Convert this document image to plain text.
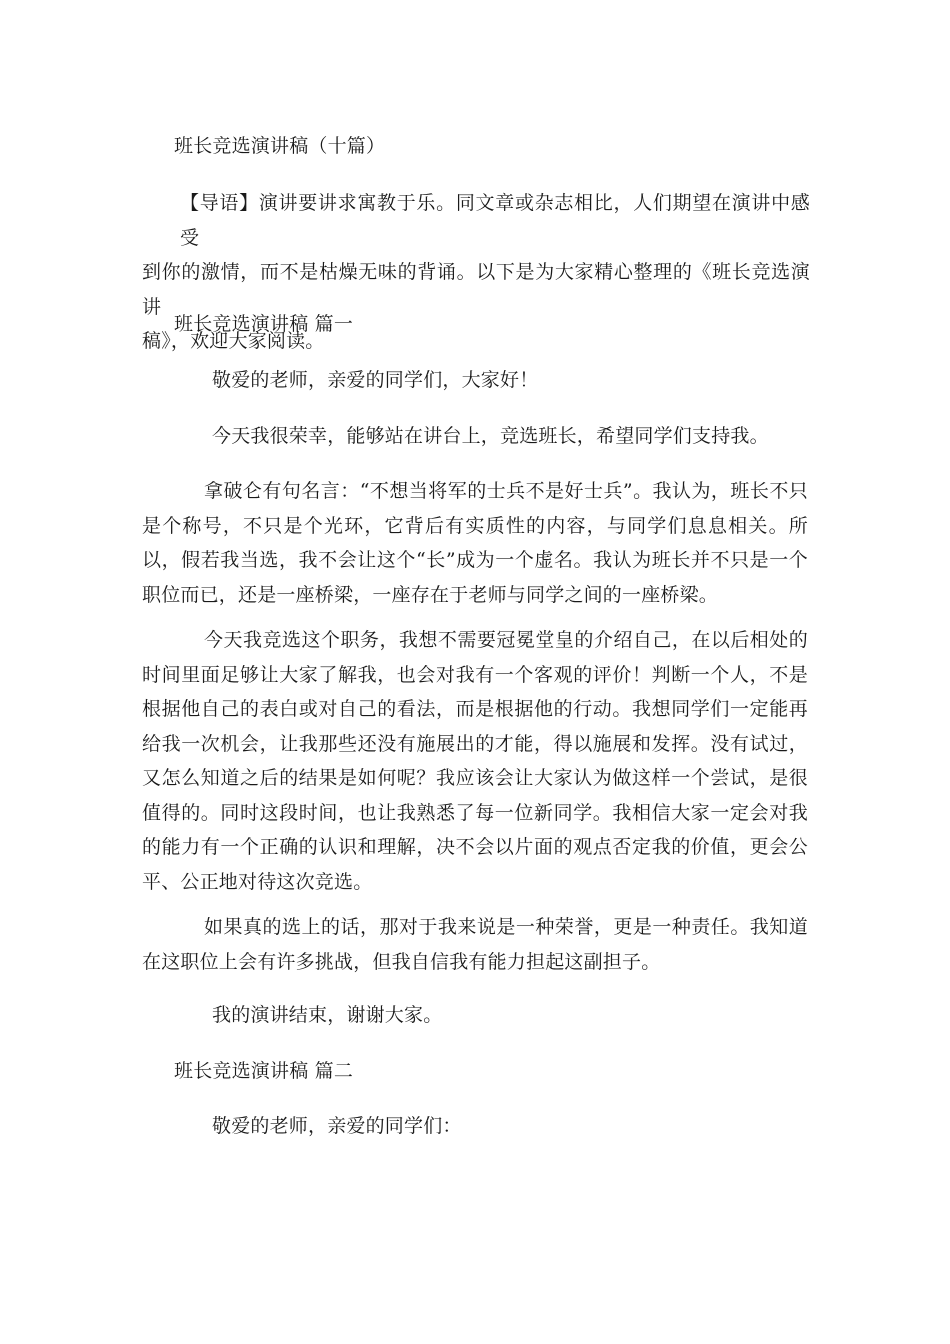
班长竞选演讲稿（十篇）
【导语】演讲要讲求寓教于乐。同文章或杂志相比，人们期望在演讲中感受
到你的激情，而不是枯燥无味的背诵。以下是为大家精心整理的《班长竞选演讲
稿》，欢迎大家阅读。
班长竞选演讲稿 篇一
敬爱的老师，亲爱的同学们，大家好！
今天我很荣幸，能够站在讲台上，竞选班长，希望同学们支持我。
拿破仑有句名言：“不想当将军的士兵不是好士兵”。我认为，班长不只是个称号，不只是个光环，它背后有实质性的内容，与同学们息息相关。所以，假若我当选，我不会让这个“长”成为一个虚名。我认为班长并不只是一个职位而已，还是一座桥梁，一座存在于老师与同学之间的一座桥梁。
今天我竞选这个职务，我想不需要冠冕堂皇的介绍自己，在以后相处的时间里面足够让大家了解我，也会对我有一个客观的评价！判断一个人，不是根据他自己的表白或对自己的看法，而是根据他的行动。我想同学们一定能再给我一次机会，让我那些还没有施展出的才能，得以施展和发挥。没有试过，又怎么知道之后的结果是如何呢？我应该会让大家认为做这样一个尝试，是很值得的。同时这段时间，也让我熟悉了每一位新同学。我相信大家一定会对我的能力有一个正确的认识和理解，决不会以片面的观点否定我的价值，更会公平、公正地对待这次竞选。
如果真的选上的话，那对于我来说是一种荣誉，更是一种责任。我知道在这职位上会有许多挑战，但我自信我有能力担起这副担子。
我的演讲结束，谢谢大家。
班长竞选演讲稿 篇二
敬爱的老师，亲爱的同学们：
